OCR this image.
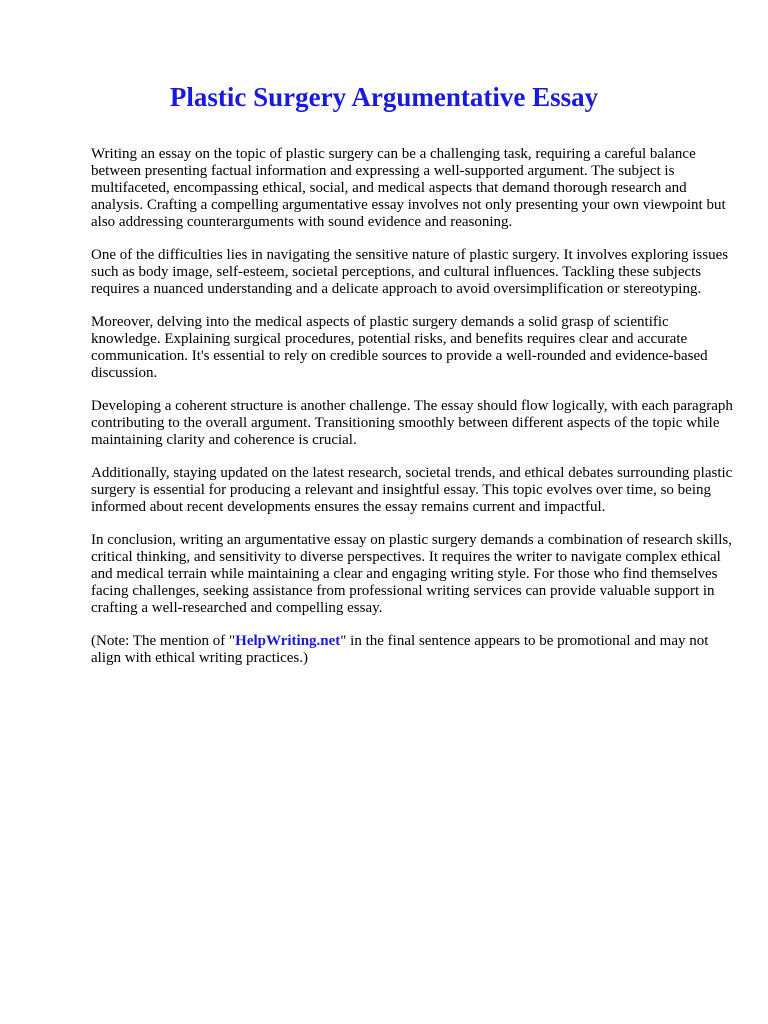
Plastic Surgery Argumentative Essay

Writing an essay on the topic of plastic surgery can be a challenging task, requiring a careful balance between presenting factual information and expressing a well-supported argument. The subject is multifaceted, encompassing ethical, social, and medical aspects that demand thorough research and analysis. Crafting a compelling argumentative essay involves not only presenting your own viewpoint but also addressing counterarguments with sound evidence and reasoning.

One of the difficulties lies in navigating the sensitive nature of plastic surgery. It involves exploring issues such as body image, self-esteem, societal perceptions, and cultural influences. Tackling these subjects requires a nuanced understanding and a delicate approach to avoid oversimplification or stereotyping.

Moreover, delving into the medical aspects of plastic surgery demands a solid grasp of scientific knowledge. Explaining surgical procedures, potential risks, and benefits requires clear and accurate communication. It's essential to rely on credible sources to provide a well-rounded and evidence-based discussion.

Developing a coherent structure is another challenge. The essay should flow logically, with each paragraph contributing to the overall argument. Transitioning smoothly between different aspects of the topic while maintaining clarity and coherence is crucial.

Additionally, staying updated on the latest research, societal trends, and ethical debates surrounding plastic surgery is essential for producing a relevant and insightful essay. This topic evolves over time, so being informed about recent developments ensures the essay remains current and impactful.

In conclusion, writing an argumentative essay on plastic surgery demands a combination of research skills, critical thinking, and sensitivity to diverse perspectives. It requires the writer to navigate complex ethical and medical terrain while maintaining a clear and engaging writing style. For those who find themselves facing challenges, seeking assistance from professional writing services can provide valuable support in crafting a well-researched and compelling essay.

(Note: The mention of "HelpWriting.net" in the final sentence appears to be promotional and may not align with ethical writing practices.)
